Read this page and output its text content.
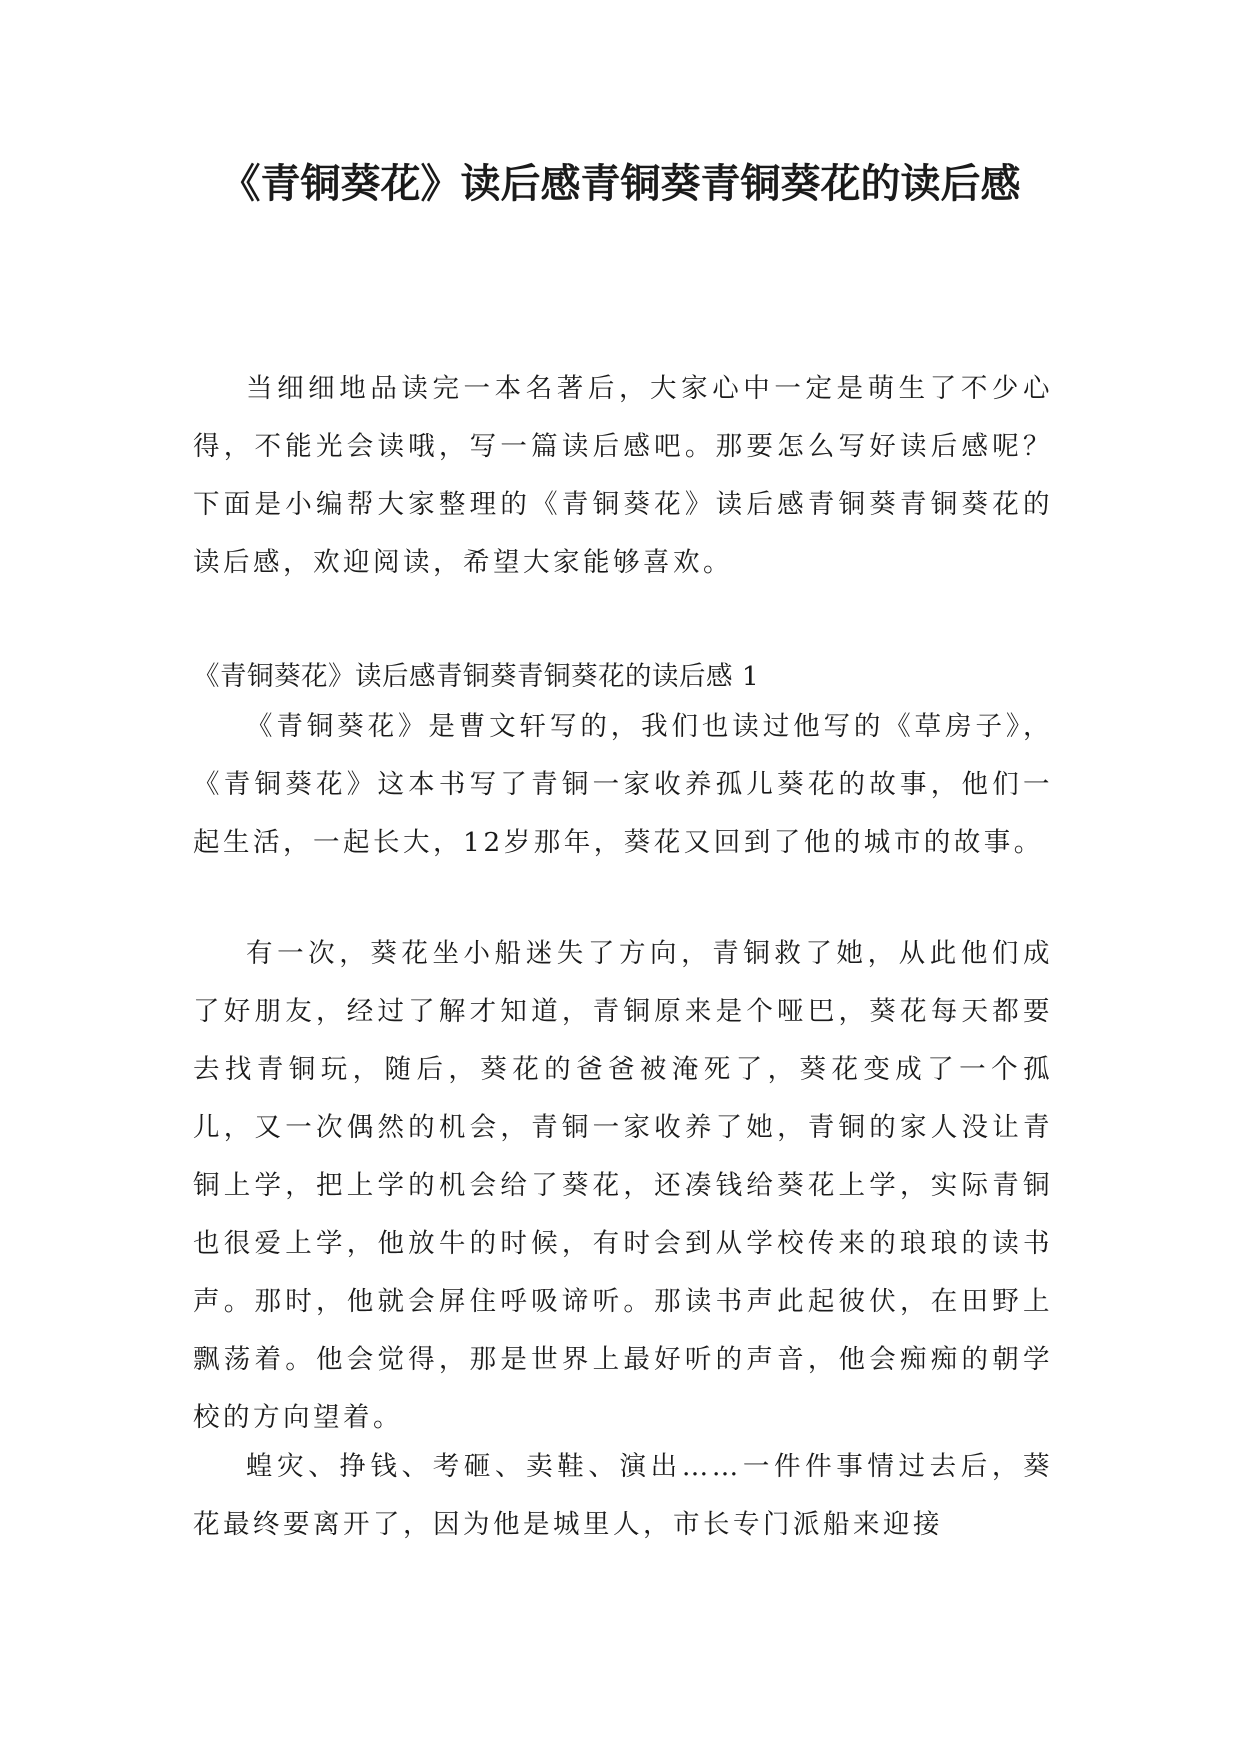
《青铜葵花》读后感青铜葵青铜葵花的读后感

当细细地品读完一本名著后，大家心中一定是萌生了不少心得，不能光会读哦，写一篇读后感吧。那要怎么写好读后感呢？下面是小编帮大家整理的《青铜葵花》读后感青铜葵青铜葵花的读后感，欢迎阅读，希望大家能够喜欢。

《青铜葵花》读后感青铜葵青铜葵花的读后感 1

《青铜葵花》是曹文轩写的，我们也读过他写的《草房子》，《青铜葵花》这本书写了青铜一家收养孤儿葵花的故事，他们一起生活，一起长大，12岁那年，葵花又回到了他的城市的故事。

有一次，葵花坐小船迷失了方向，青铜救了她，从此他们成了好朋友，经过了解才知道，青铜原来是个哑巴，葵花每天都要去找青铜玩，随后，葵花的爸爸被淹死了，葵花变成了一个孤儿，又一次偶然的机会，青铜一家收养了她，青铜的家人没让青铜上学，把上学的机会给了葵花，还凑钱给葵花上学，实际青铜也很爱上学，他放牛的时候，有时会到从学校传来的琅琅的读书声。那时，他就会屏住呼吸谛听。那读书声此起彼伏，在田野上飘荡着。他会觉得，那是世界上最好听的声音，他会痴痴的朝学校的方向望着。

蝗灾、挣钱、考砸、卖鞋、演出……一件件事情过去后，葵花最终要离开了，因为他是城里人，市长专门派船来迎接
